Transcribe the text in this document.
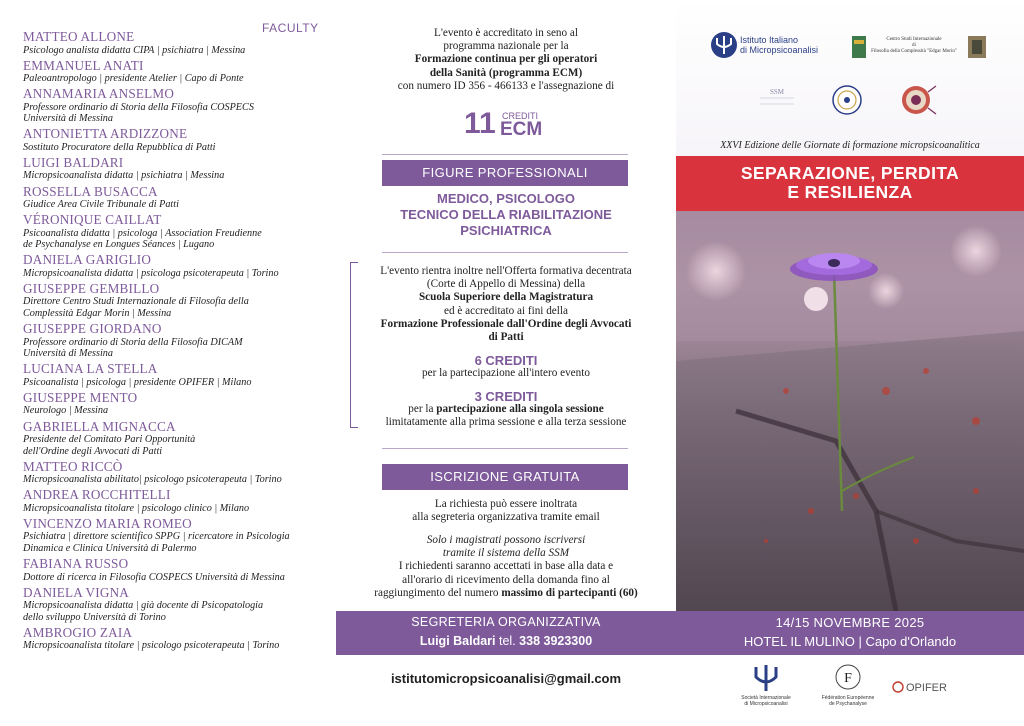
FACULTY
MATTEO ALLONE
Psicologo analista didatta CIPA | psichiatra | Messina
EMMANUEL ANATI
Paleoantropologo | presidente Atelier | Capo di Ponte
ANNAMARIA ANSELMO
Professore ordinario di Storia della Filosofia COSPECS
Università di Messina
ANTONIETTA ARDIZZONE
Sostituto Procuratore della Repubblica di Patti
LUIGI BALDARI
Micropsicoanalista didatta | psichiatra | Messina
ROSSELLA BUSACCA
Giudice Area Civile Tribunale di Patti
VÉRONIQUE CAILLAT
Psicoanalista didatta | psicologa | Association Freudienne
de Psychanalyse en Longues Séances | Lugano
DANIELA GARIGLIO
Micropsicoanalista didatta | psicologa psicoterapeuta | Torino
GIUSEPPE GEMBILLO
Direttore Centro Studi Internazionale di Filosofia della
Complessità Edgar Morin | Messina
GIUSEPPE GIORDANO
Professore ordinario di Storia della Filosofia DICAM
Università di Messina
LUCIANA LA STELLA
Psicoanalista | psicologa | presidente OPIFER | Milano
GIUSEPPE MENTO
Neurologo | Messina
GABRIELLA MIGNACCA
Presidente del Comitato Pari Opportunità
dell'Ordine degli Avvocati di Patti
MATTEO RICCÒ
Micropsicoanalista abilitato| psicologo psicoterapeuta | Torino
ANDREA ROCCHITELLI
Micropsicoanalista titolare | psicologo clinico | Milano
VINCENZO MARIA ROMEO
Psichiatra | direttore scientifico SPPG | ricercatore in Psicologia
Dinamica e Clinica Università di Palermo
FABIANA RUSSO
Dottore di ricerca in Filosofia COSPECS Università di Messina
DANIELA VIGNA
Micropsicoanalista didatta | già docente di Psicopatologia
dello sviluppo Università di Torino
AMBROGIO ZAIA
Micropsicoanalista titolare | psicologo psicoterapeuta | Torino
L'evento è accreditato in seno al
programma nazionale per la
Formazione continua per gli operatori
della Sanità (programma ECM)
con numero ID 356 - 466133 e l'assegnazione di
11 CREDITI
ECM
FIGURE PROFESSIONALI
MEDICO, PSICOLOGO
TECNICO DELLA RIABILITAZIONE
PSICHIATRICA
L'evento rientra inoltre nell'Offerta formativa decentrata
(Corte di Appello di Messina) della
Scuola Superiore della Magistratura
ed è accreditato ai fini della
Formazione Professionale dall'Ordine degli Avvocati
di Patti
6 CREDITI
per la partecipazione all'intero evento
3 CREDITI
per la partecipazione alla singola sessione
limitatamente alla prima sessione e alla terza sessione
ISCRIZIONE GRATUITA
La richiesta può essere inoltrata
alla segreteria organizzativa tramite email
Solo i magistrati possono iscriversi
tramite il sistema della SSM
I richiedenti saranno accettati in base alla data e
all'orario di ricevimento della domanda fino al
raggiungimento del numero massimo di partecipanti (60)
Istituto Italiano
di Micropsicoanalisi
Centro Studi Internazionale
di
Filosofia della Complessità "Edgar Morin"
SSM
XXVI Edizione delle Giornate di formazione micropsicoanalitica
SEPARAZIONE, PERDITA
E RESILIENZA
SEGRETERIA ORGANIZZATIVA
Luigi Baldari tel. 338 3923300
14/15 NOVEMBRE 2025
HOTEL IL MULINO | Capo d'Orlando
istitutomicropsicoanalisi@gmail.com
Società Internazionale
di Micropsicoanalisi
F
Fédération Européenne
de Psychanalyse
OPIFER
